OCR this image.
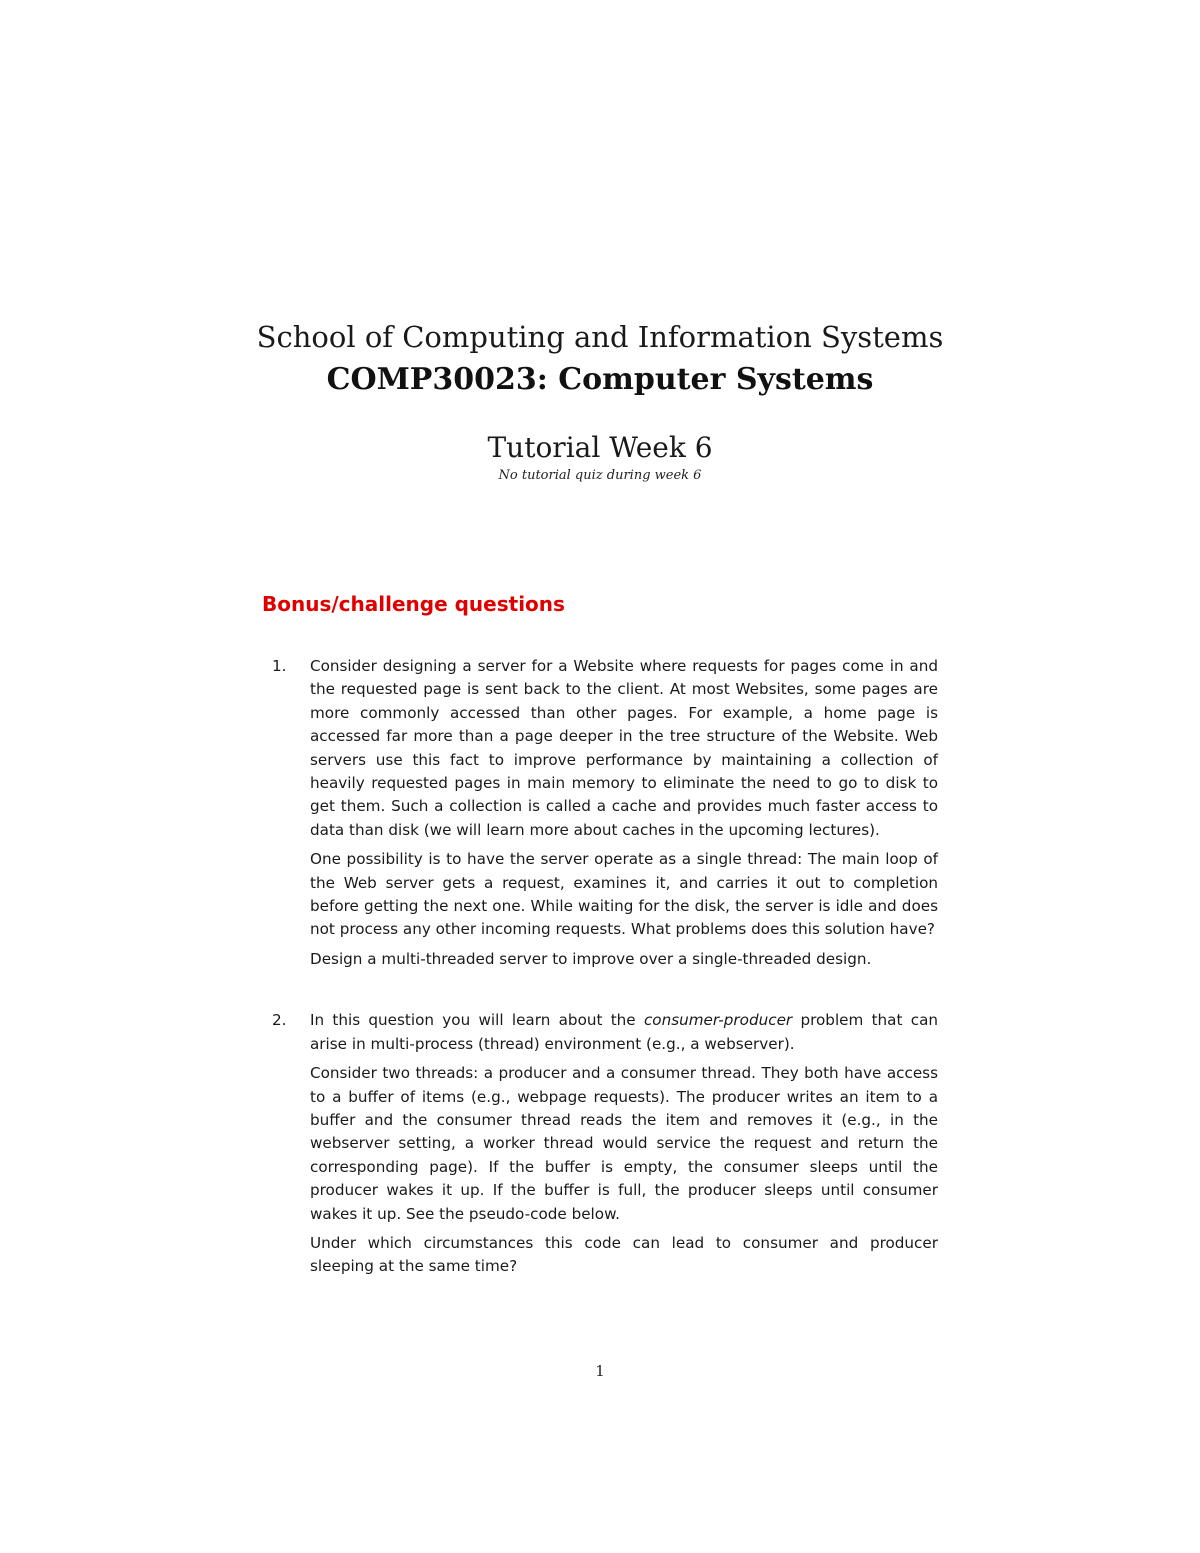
School of Computing and Information Systems

COMP30023: Computer Systems

Tutorial Week 6

No tutorial quiz during week 6

Bonus/challenge questions
1. Consider designing a server for a Website where requests for pages come in and the requested page is sent back to the client. At most Websites, some pages are more commonly accessed than other pages. For example, a home page is accessed far more than a page deeper in the tree structure of the Website. Web servers use this fact to improve performance by maintaining a collection of heavily requested pages in main memory to eliminate the need to go to disk to get them. Such a collection is called a cache and provides much faster access to data than disk (we will learn more about caches in the upcoming lectures).

One possibility is to have the server operate as a single thread: The main loop of the Web server gets a request, examines it, and carries it out to completion before getting the next one. While waiting for the disk, the server is idle and does not process any other incoming requests. What problems does this solution have?

Design a multi-threaded server to improve over a single-threaded design.

2. In this question you will learn about the consumer-producer problem that can arise in multi-process (thread) environment (e.g., a webserver).

Consider two threads: a producer and a consumer thread. They both have access to a buffer of items (e.g., webpage requests). The producer writes an item to a buffer and the consumer thread reads the item and removes it (e.g., in the webserver setting, a worker thread would service the request and return the corresponding page). If the buffer is empty, the consumer sleeps until the producer wakes it up. If the buffer is full, the producer sleeps until consumer wakes it up. See the pseudo-code below.

Under which circumstances this code can lead to consumer and producer sleeping at the same time?

1
